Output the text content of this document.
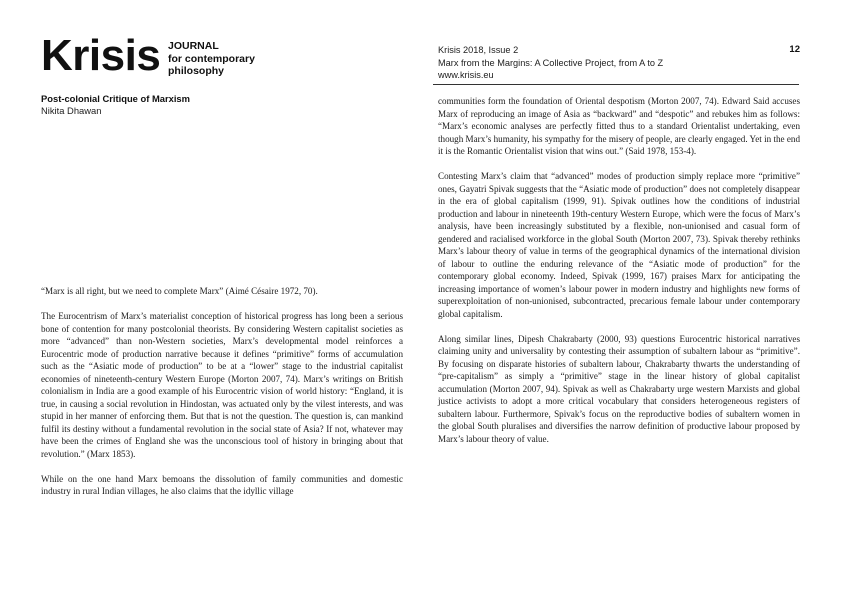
Krisis JOURNAL
for contemporary
philosophy
Krisis 2018, Issue 2
Marx from the Margins: A Collective Project, from A to Z
www.krisis.eu
12
Post-colonial Critique of Marxism
Nikita Dhawan

“Marx is all right, but we need to complete Marx” (Aimé Césaire 1972, 70).

The Eurocentrism of Marx’s materialist conception of historical progress has long been a serious bone of contention for many postcolonial theorists. By considering Western capitalist societies as more “advanced” than non-Western societies, Marx’s developmental model reinforces a Eurocentric mode of production narrative because it defines “primitive” forms of accumulation such as the “Asiatic mode of production” to be at a “lower” stage to the industrial capitalist economies of nineteenth-century Western Europe (Morton 2007, 74). Marx’s writings on British colonialism in India are a good example of his Eurocentric vision of world history: “England, it is true, in causing a social revolution in Hindostan, was actuated only by the vilest interests, and was stupid in her manner of enforcing them. But that is not the question. The question is, can mankind fulfil its destiny without a fundamental revolution in the social state of Asia? If not, whatever may have been the crimes of England she was the unconscious tool of history in bringing about that revolution.” (Marx 1853).

While on the one hand Marx bemoans the dissolution of family communities and domestic industry in rural Indian villages, he also claims that the idyllic village

communities form the foundation of Oriental despotism (Morton 2007, 74). Edward Said accuses Marx of reproducing an image of Asia as “backward” and “despotic” and rebukes him as follows: “Marx’s economic analyses are perfectly fitted thus to a standard Orientalist undertaking, even though Marx’s humanity, his sympathy for the misery of people, are clearly engaged. Yet in the end it is the Romantic Orientalist vision that wins out.” (Said 1978, 153-4).

Contesting Marx’s claim that “advanced” modes of production simply replace more “primitive” ones, Gayatri Spivak suggests that the “Asiatic mode of production” does not completely disappear in the era of global capitalism (1999, 91). Spivak outlines how the conditions of industrial production and labour in nineteenth 19th-century Western Europe, which were the focus of Marx’s analysis, have been increasingly substituted by a flexible, non-unionised and casual form of gendered and racialised workforce in the global South (Morton 2007, 73). Spivak thereby rethinks Marx’s labour theory of value in terms of the geographical dynamics of the international division of labour to outline the enduring relevance of the “Asiatic mode of production” for the contemporary global economy. Indeed, Spivak (1999, 167) praises Marx for anticipating the increasing importance of women’s labour power in modern industry and highlights new forms of superexploitation of non-unionised, subcontracted, precarious female labour under contemporary global capitalism.

Along similar lines, Dipesh Chakrabarty (2000, 93) questions Eurocentric historical narratives claiming unity and universality by contesting their assumption of subaltern labour as “primitive”. By focusing on disparate histories of subaltern labour, Chakrabarty thwarts the understanding of “pre-capitalism” as simply a “primitive” stage in the linear history of global capitalist accumulation (Morton 2007, 94). Spivak as well as Chakrabarty urge western Marxists and global justice activists to adopt a more critical vocabulary that considers heterogeneous registers of subaltern labour. Furthermore, Spivak’s focus on the reproductive bodies of subaltern women in the global South pluralises and diversifies the narrow definition of productive labour proposed by Marx’s labour theory of value.
